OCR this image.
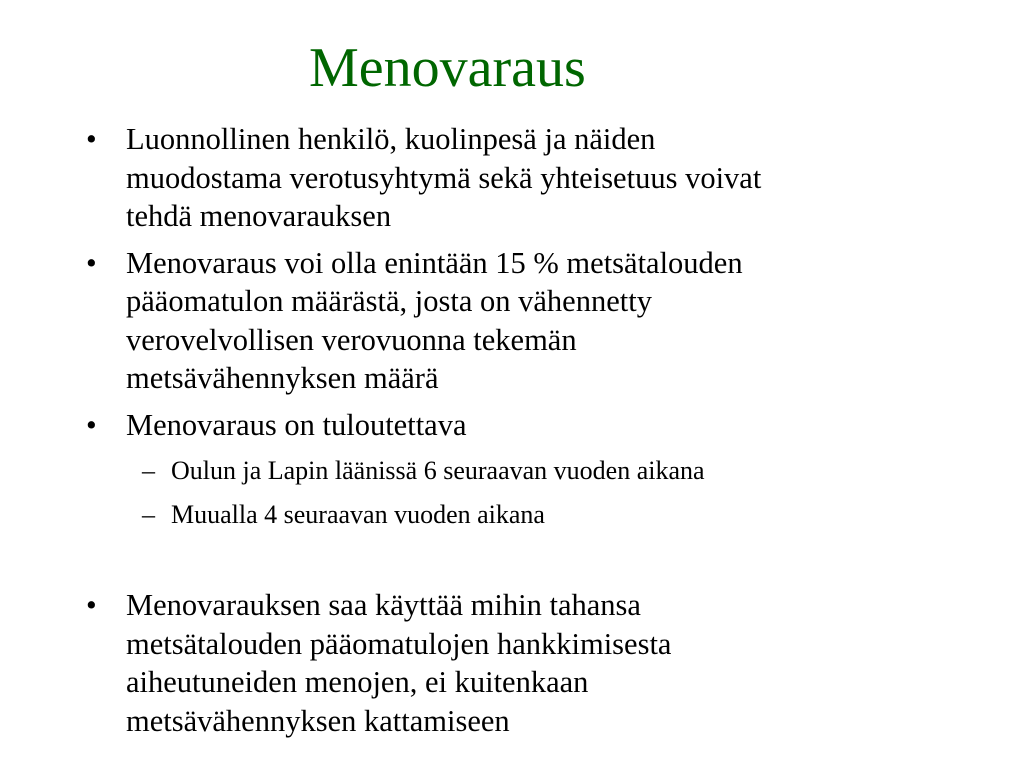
Menovaraus
• Luonnollinen henkilö, kuolinpesä ja näiden
muodostama verotusyhtymä sekä yhteisetuus voivat
tehdä menovarauksen
• Menovaraus voi olla enintään 15 % metsätalouden
pääomatulon määrästä, josta on vähennetty
verovelvollisen verovuonna tekemän
metsävähennyksen määrä
• Menovaraus on tuloutettava
– Oulun ja Lapin läänissä 6 seuraavan vuoden aikana
– Muualla 4 seuraavan vuoden aikana
• Menovarauksen saa käyttää mihin tahansa
metsätalouden pääomatulojen hankkimisesta
aiheutuneiden menojen, ei kuitenkaan
metsävähennyksen kattamiseen
